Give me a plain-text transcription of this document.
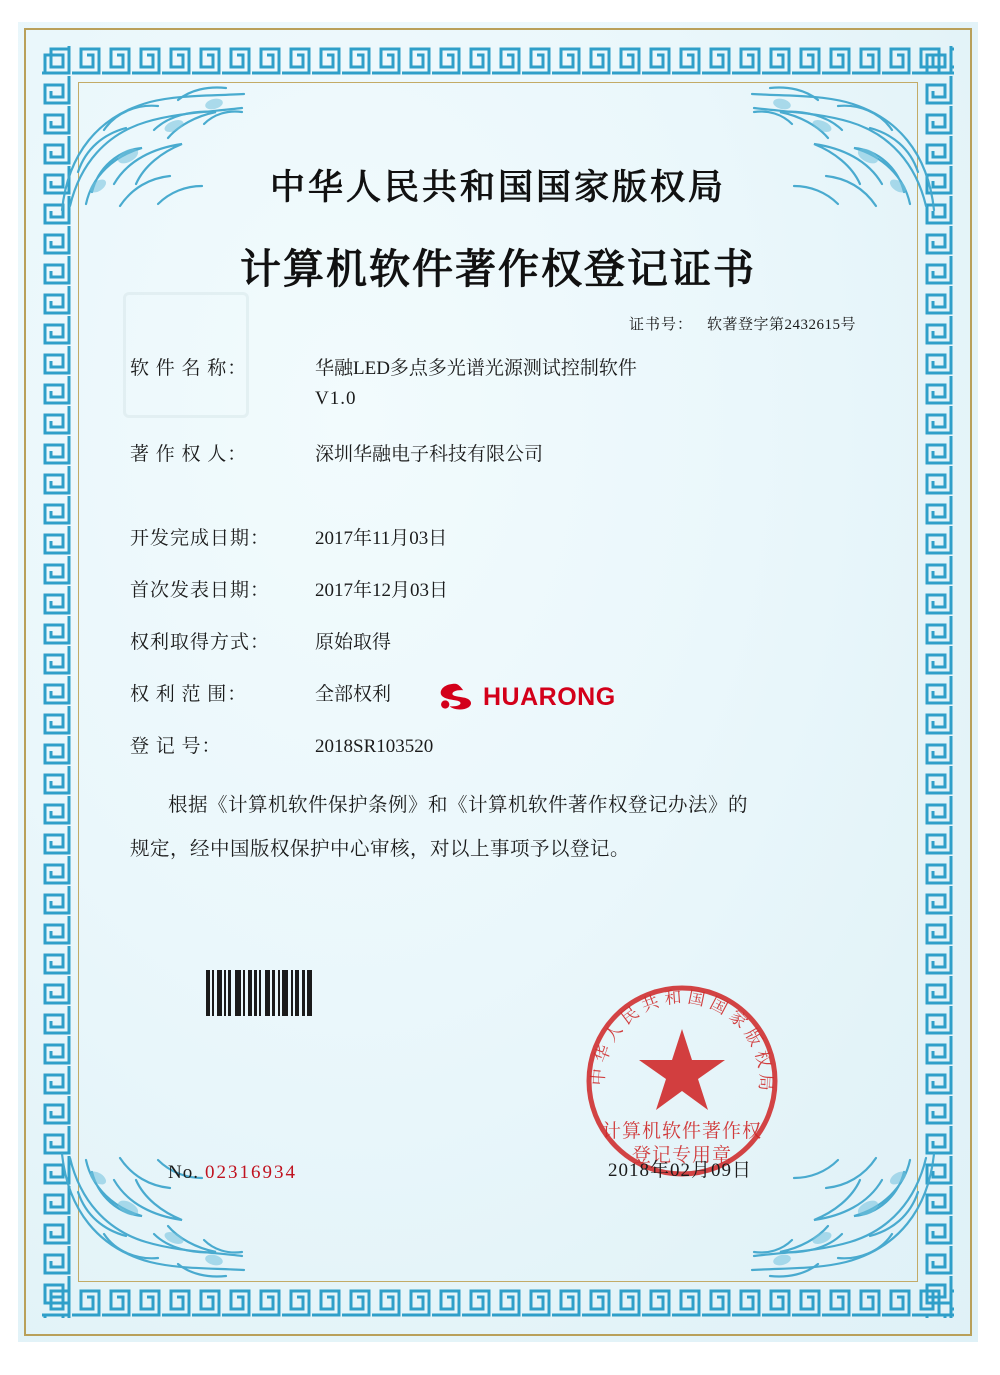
中华人民共和国国家版权局
计算机软件著作权登记证书
证书号： 软著登字第2432615号
软 件 名 称：	华融LED多点多光谱光源测试控制软件
V1.0
著 作 权 人：	深圳华融电子科技有限公司
开发完成日期：	2017年11月03日
首次发表日期：	2017年12月03日
权利取得方式：	原始取得
权 利 范 围：	全部权利
登 记 号：	2018SR103520

根据《计算机软件保护条例》和《计算机软件著作权登记办法》的

规定，经中国版权保护中心审核，对以上事项予以登记。

HUARONG
中华人民共和国国家版权局
计算机软件著作权
登记专用章
No. 02316934	2018年02月09日
